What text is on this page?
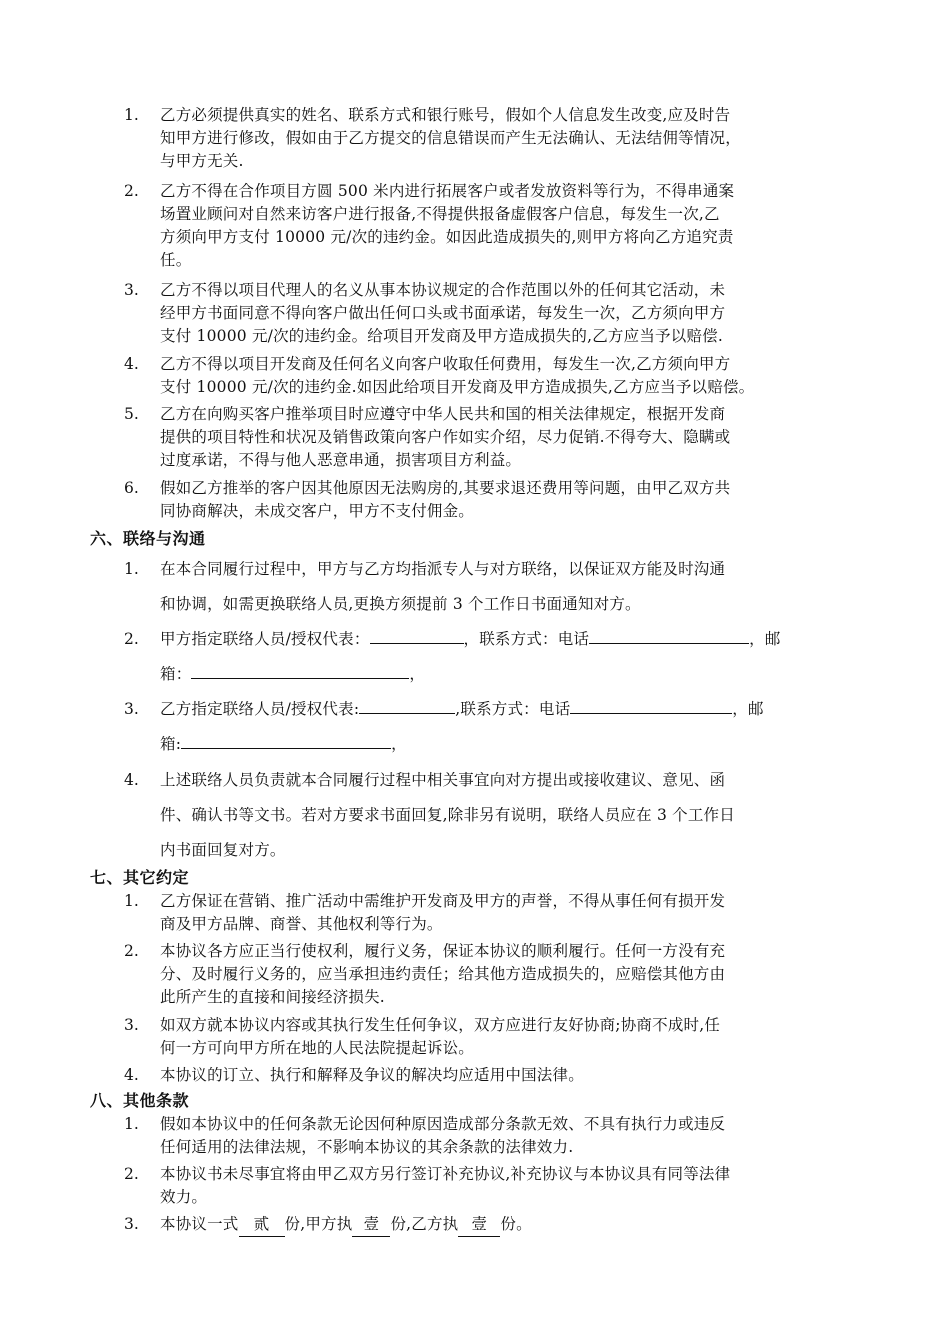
1. 乙方必须提供真实的姓名、联系方式和银行账号，假如个人信息发生改变,应及时告
知甲方进行修改，假如由于乙方提交的信息错误而产生无法确认、无法结佣等情况，
与甲方无关.
2. 乙方不得在合作项目方圆 500 米内进行拓展客户或者发放资料等行为，不得串通案
场置业顾问对自然来访客户进行报备,不得提供报备虚假客户信息，每发生一次,乙
方须向甲方支付 10000 元/次的违约金。如因此造成损失的,则甲方将向乙方追究责
任。
3. 乙方不得以项目代理人的名义从事本协议规定的合作范围以外的任何其它活动，未
经甲方书面同意不得向客户做出任何口头或书面承诺，每发生一次，乙方须向甲方
支付 10000 元/次的违约金。给项目开发商及甲方造成损失的,乙方应当予以赔偿.
4. 乙方不得以项目开发商及任何名义向客户收取任何费用，每发生一次,乙方须向甲方
支付 10000 元/次的违约金.如因此给项目开发商及甲方造成损失,乙方应当予以赔偿。
5. 乙方在向购买客户推举项目时应遵守中华人民共和国的相关法律规定，根据开发商
提供的项目特性和状况及销售政策向客户作如实介绍，尽力促销.不得夸大、隐瞒或
过度承诺，不得与他人恶意串通，损害项目方利益。
6. 假如乙方推举的客户因其他原因无法购房的,其要求退还费用等问题，由甲乙双方共
同协商解决，未成交客户，甲方不支付佣金。
六、联络与沟通
1. 在本合同履行过程中，甲方与乙方均指派专人与对方联络，以保证双方能及时沟通
和协调，如需更换联络人员,更换方须提前 3 个工作日书面通知对方。
2. 甲方指定联络人员/授权代表：	，联系方式：电话	，邮
箱：	，
3. 乙方指定联络人员/授权代表:	,联系方式：电话	，邮
箱:	，
4. 上述联络人员负责就本合同履行过程中相关事宜向对方提出或接收建议、意见、函
件、确认书等文书。若对方要求书面回复,除非另有说明，联络人员应在 3 个工作日
内书面回复对方。
七、其它约定
1. 乙方保证在营销、推广活动中需维护开发商及甲方的声誉，不得从事任何有损开发
商及甲方品牌、商誉、其他权利等行为。
2. 本协议各方应正当行使权利，履行义务，保证本协议的顺利履行。任何一方没有充
分、及时履行义务的，应当承担违约责任；给其他方造成损失的，应赔偿其他方由
此所产生的直接和间接经济损失.
3. 如双方就本协议内容或其执行发生任何争议，双方应进行友好协商;协商不成时,任
何一方可向甲方所在地的人民法院提起诉讼。
4. 本协议的订立、执行和解释及争议的解决均应适用中国法律。
八、其他条款
1. 假如本协议中的任何条款无论因何种原因造成部分条款无效、不具有执行力或违反
任何适用的法律法规，不影响本协议的其余条款的法律效力.
2. 本协议书未尽事宜将由甲乙双方另行签订补充协议,补充协议与本协议具有同等法律
效力。
3. 本协议一式 贰 份,甲方执 壹 份,乙方执 壹 份。
